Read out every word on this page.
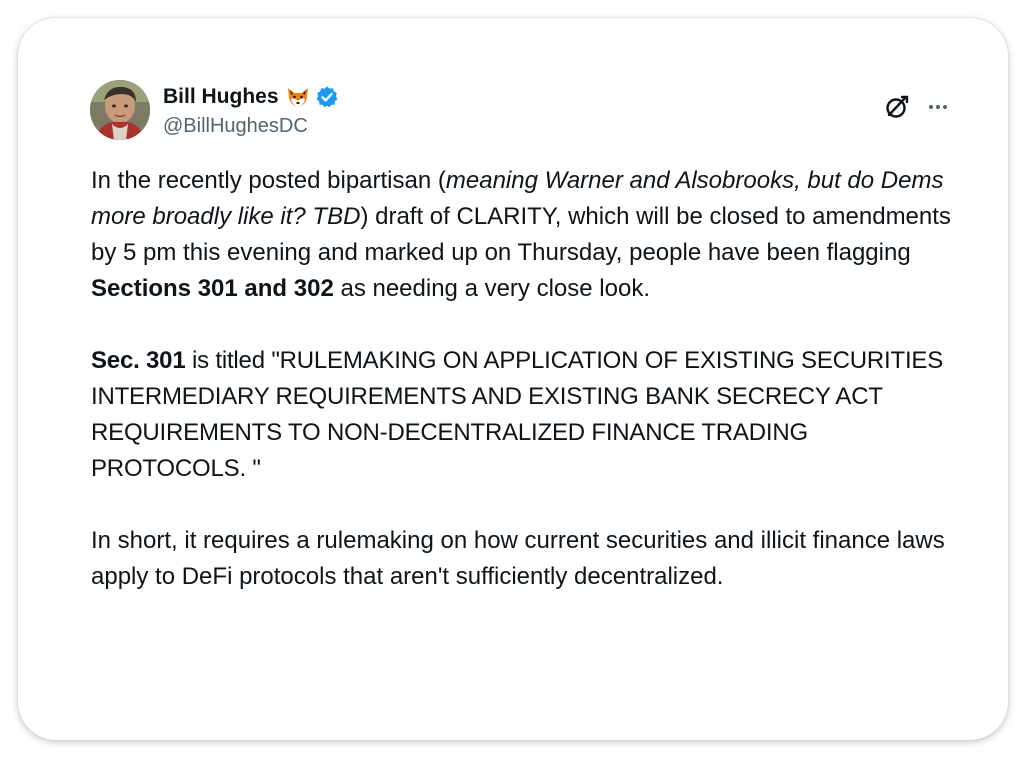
Bill Hughes
@BillHughesDC

In the recently posted bipartisan (meaning Warner and Alsobrooks, but do Dems more broadly like it? TBD) draft of CLARITY, which will be closed to amendments by 5 pm this evening and marked up on Thursday, people have been flagging Sections 301 and 302 as needing a very close look.

Sec. 301 is titled "RULEMAKING ON APPLICATION OF EXISTING SECURITIES INTERMEDIARY REQUIREMENTS AND EXISTING BANK SECRECY ACT REQUIREMENTS TO NON-DECENTRALIZED FINANCE TRADING PROTOCOLS. "

In short, it requires a rulemaking on how current securities and illicit finance laws apply to DeFi protocols that aren't sufficiently decentralized.
